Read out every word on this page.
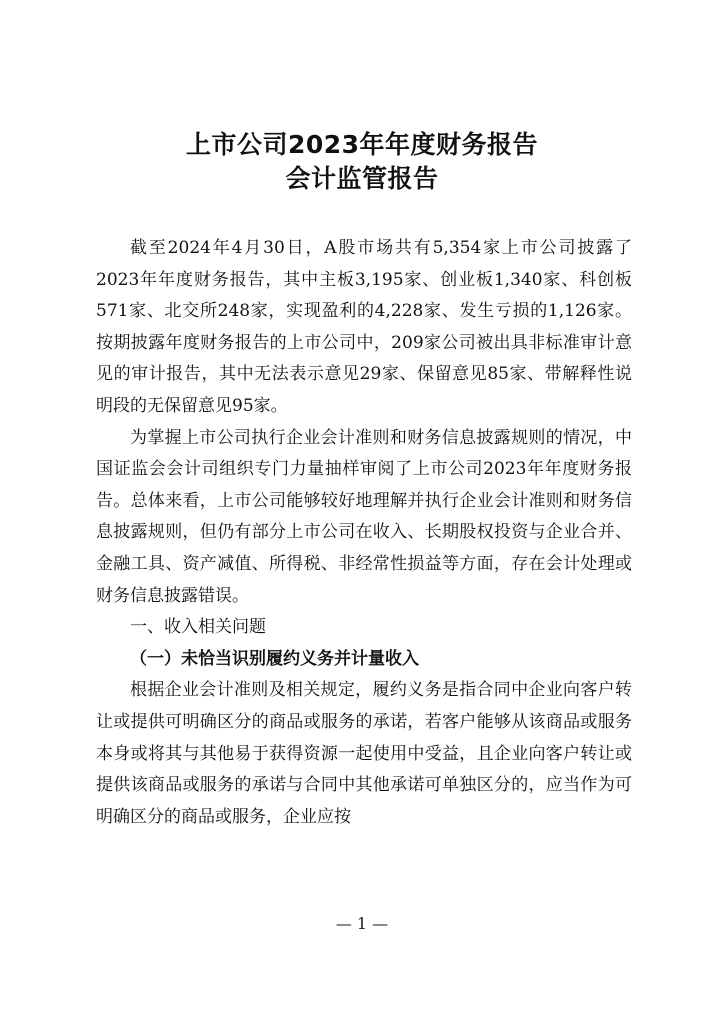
上市公司2023年年度财务报告
会计监管报告

截至2024年4月30日，A股市场共有5,354家上市公司披露了2023年年度财务报告，其中主板3,195家、创业板1,340家、科创板571家、北交所248家，实现盈利的4,228家、发生亏损的1,126家。按期披露年度财务报告的上市公司中，209家公司被出具非标准审计意见的审计报告，其中无法表示意见29家、保留意见85家、带解释性说明段的无保留意见95家。

为掌握上市公司执行企业会计准则和财务信息披露规则的情况，中国证监会会计司组织专门力量抽样审阅了上市公司2023年年度财务报告。总体来看，上市公司能够较好地理解并执行企业会计准则和财务信息披露规则，但仍有部分上市公司在收入、长期股权投资与企业合并、金融工具、资产减值、所得税、非经常性损益等方面，存在会计处理或财务信息披露错误。

一、收入相关问题

（一）未恰当识别履约义务并计量收入

根据企业会计准则及相关规定，履约义务是指合同中企业向客户转让或提供可明确区分的商品或服务的承诺，若客户能够从该商品或服务本身或将其与其他易于获得资源一起使用中受益，且企业向客户转让或提供该商品或服务的承诺与合同中其他承诺可单独区分的，应当作为可明确区分的商品或服务，企业应按

— 1 —
